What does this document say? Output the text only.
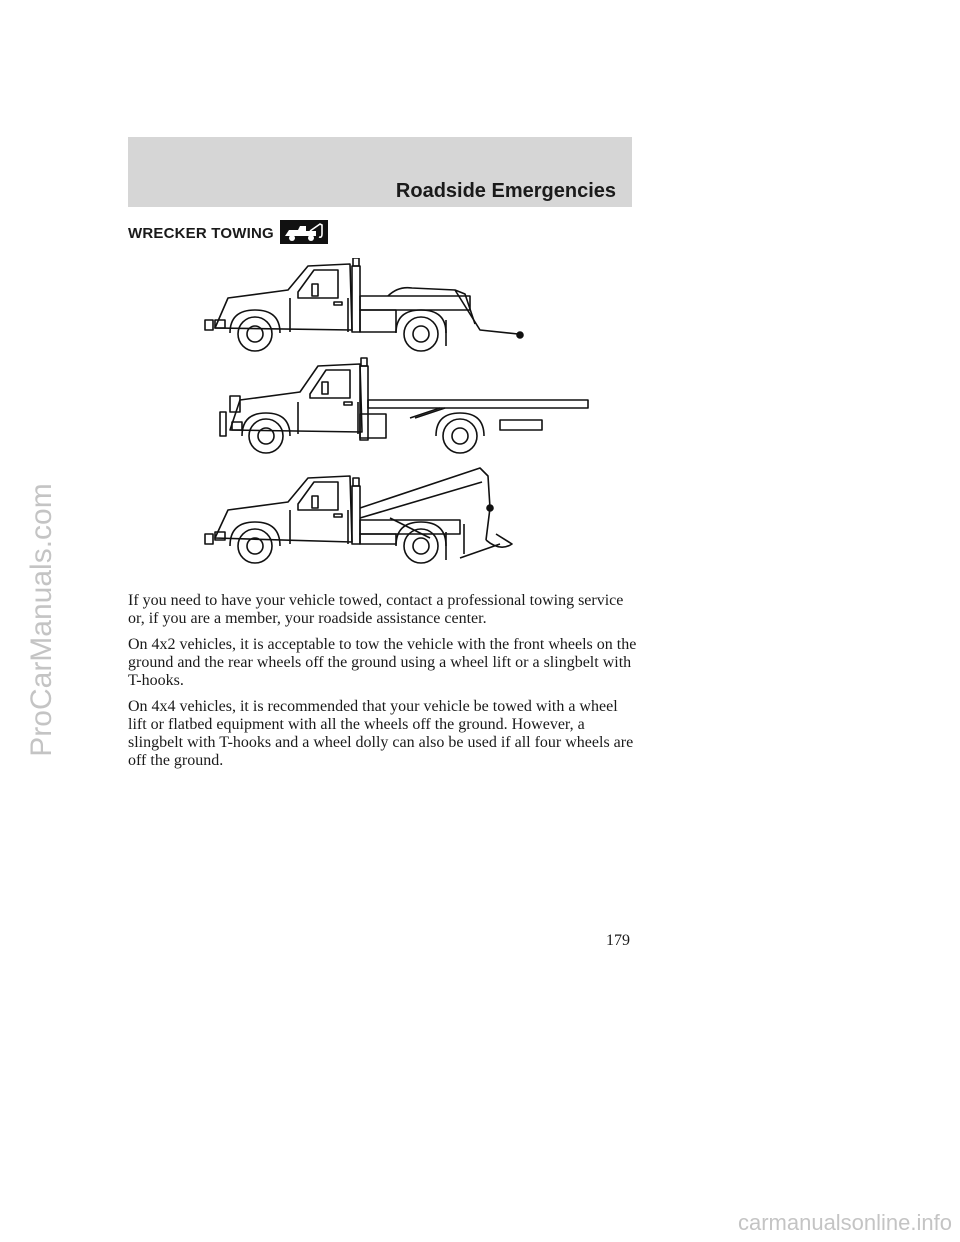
Roadside Emergencies
WRECKER TOWING

If you need to have your vehicle towed, contact a professional towing service or, if you are a member, your roadside assistance center.

On 4x2 vehicles, it is acceptable to tow the vehicle with the front wheels on the ground and the rear wheels off the ground using a wheel lift or a slingbelt with T-hooks.

On 4x4 vehicles, it is recommended that your vehicle be towed with a wheel lift or flatbed equipment with all the wheels off the ground. However, a slingbelt with T-hooks and a wheel dolly can also be used if all four wheels are off the ground.

179
ProCarManuals.com
carmanualsonline.info
